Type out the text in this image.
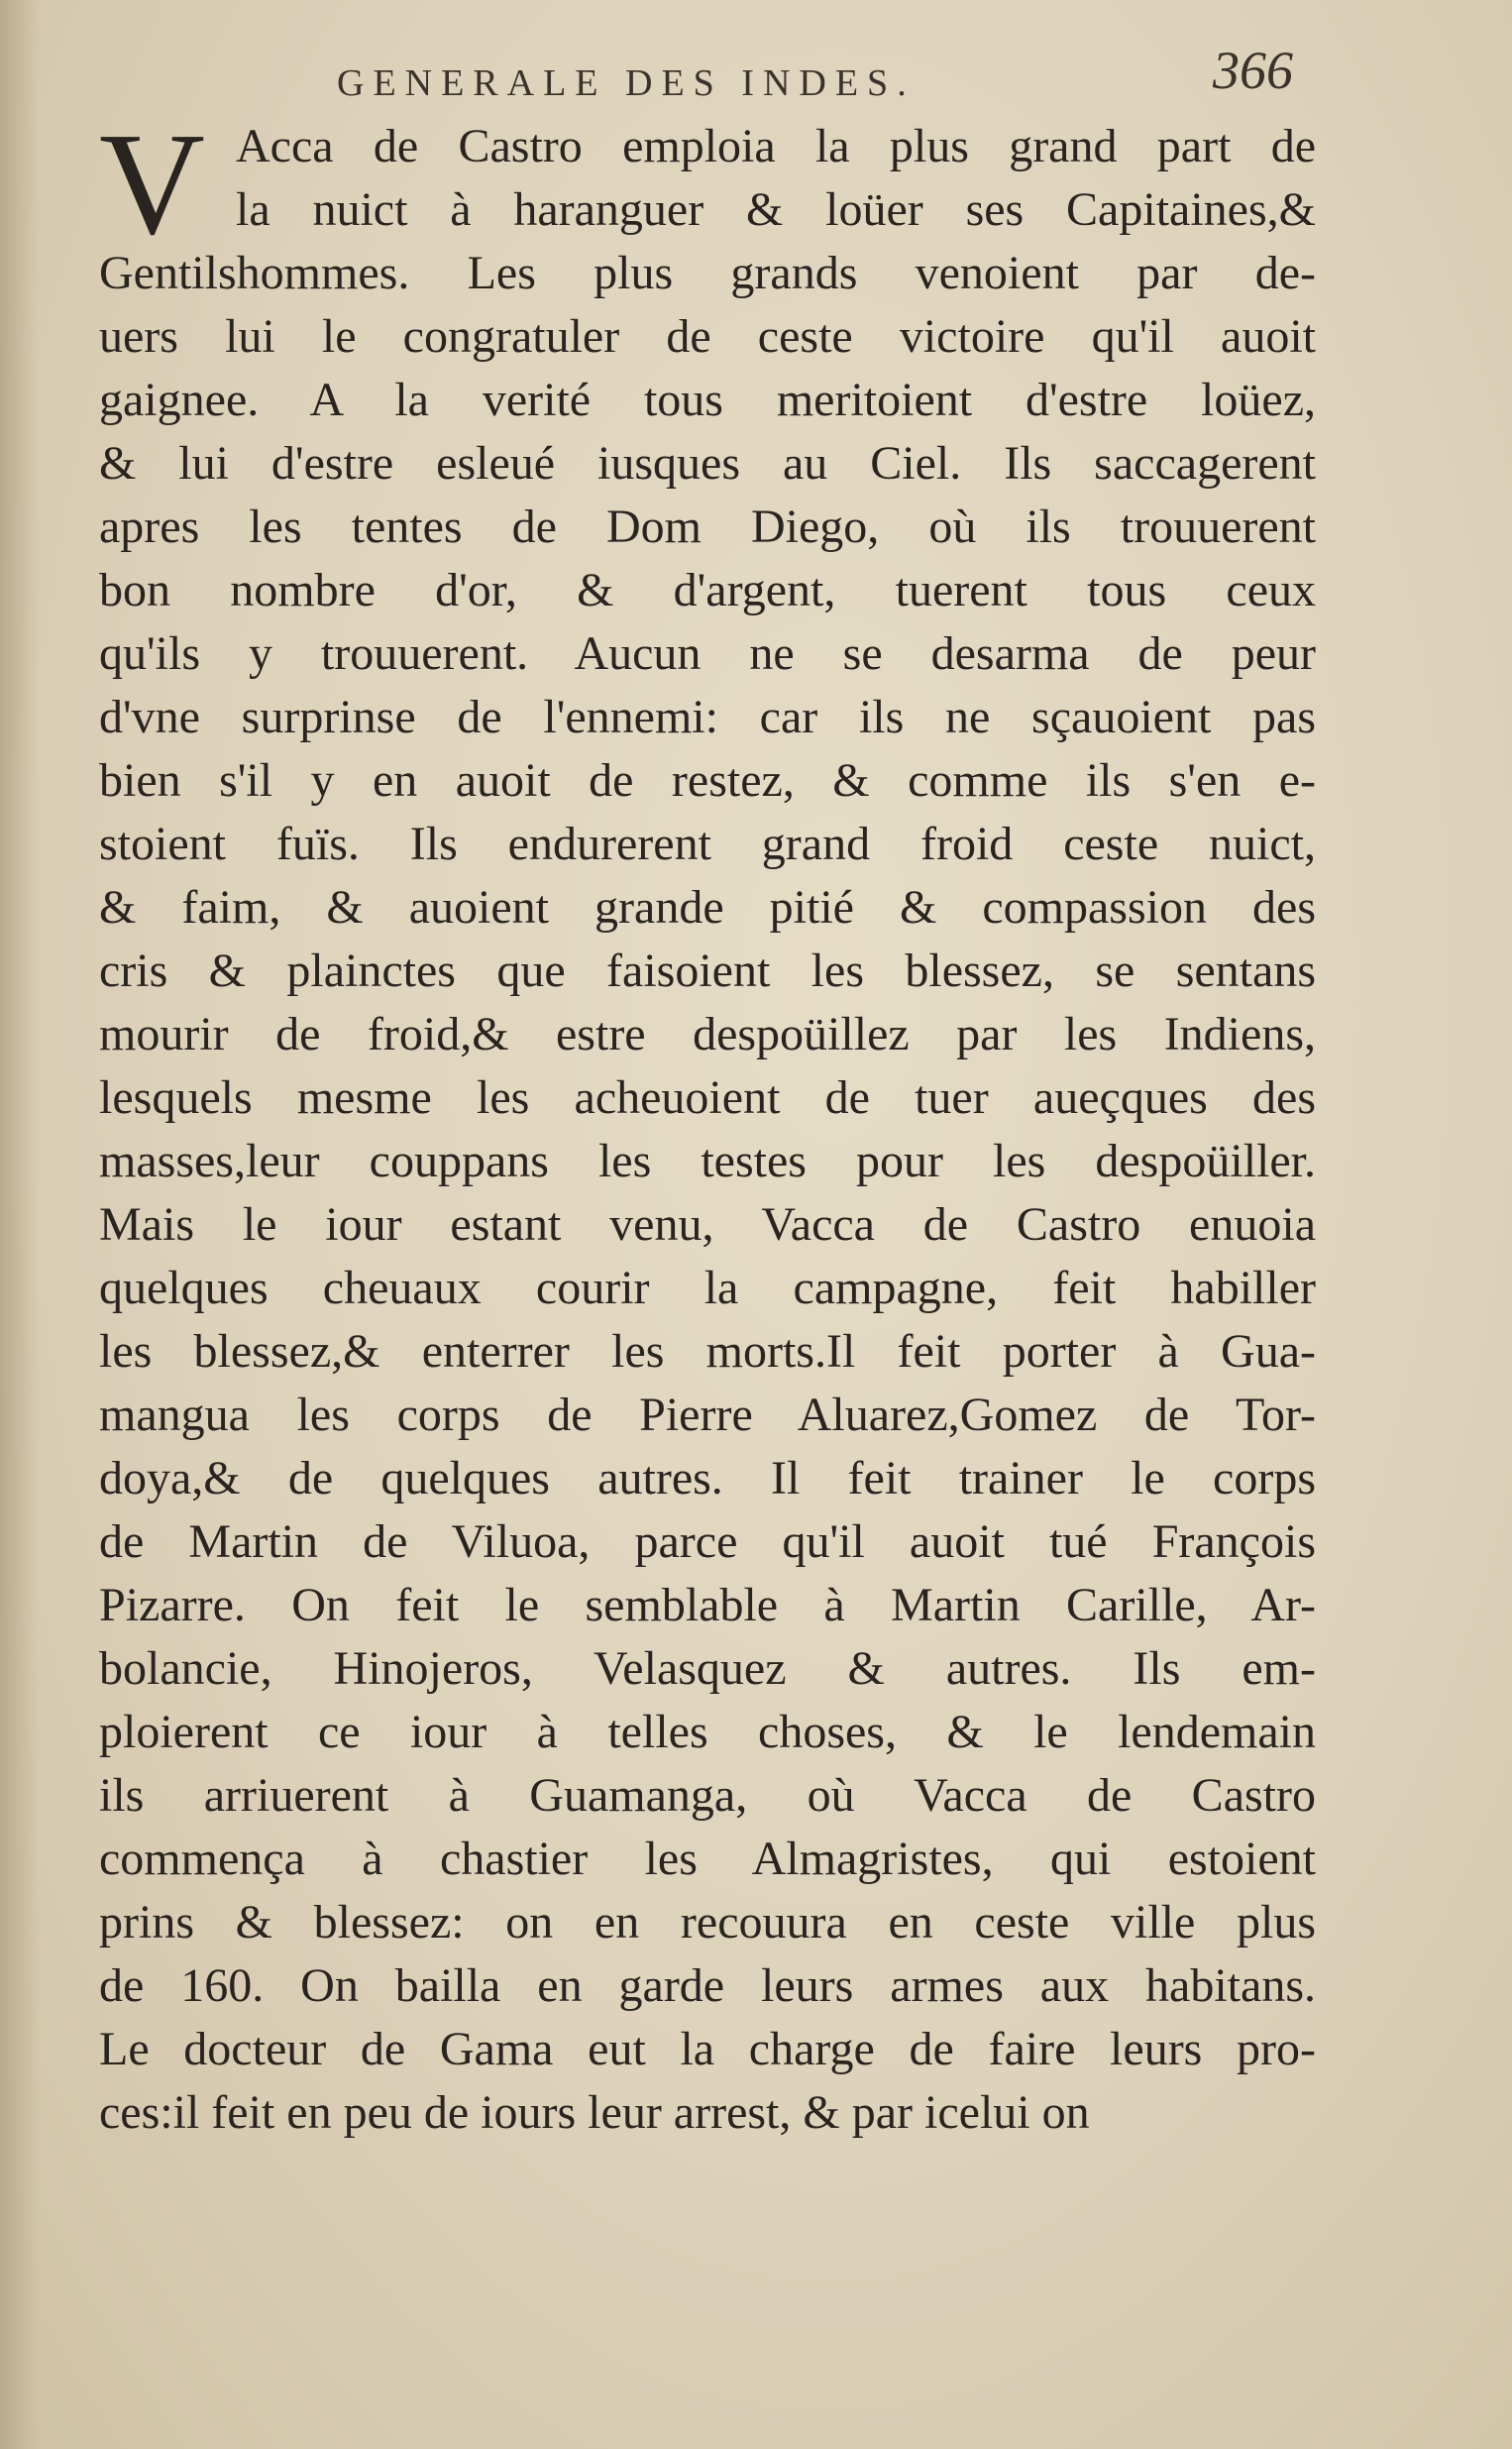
GENERALE DES INDES.	366
V Acca de Castro emploia la plus grand part de
la nuict à haranguer & loüer ses Capitaines,&
Gentilshommes. Les plus grands venoient par de-
uers lui le congratuler de ceste victoire qu'il auoit
gaignee. A la verité tous meritoient d'estre loüez,
& lui d'estre esleué iusques au Ciel. Ils saccagerent
apres les tentes de Dom Diego, où ils trouuerent
bon nombre d'or, & d'argent, tuerent tous ceux
qu'ils y trouuerent. Aucun ne se desarma de peur
d'vne surprinse de l'ennemi: car ils ne sçauoient pas
bien s'il y en auoit de restez, & comme ils s'en e-
stoient fuïs. Ils endurerent grand froid ceste nuict,
& faim, & auoient grande pitié & compassion des
cris & plainctes que faisoient les blessez, se sentans
mourir de froid,& estre despoüillez par les Indiens,
lesquels mesme les acheuoient de tuer aueçques des
masses,leur couppans les testes pour les despoüiller.
Mais le iour estant venu, Vacca de Castro enuoia
quelques cheuaux courir la campagne, feit habiller
les blessez,& enterrer les morts.Il feit porter à Gua-
mangua les corps de Pierre Aluarez,Gomez de Tor-
doya,& de quelques autres. Il feit trainer le corps
de Martin de Viluoa, parce qu'il auoit tué François
Pizarre. On feit le semblable à Martin Carille, Ar-
bolancie, Hinojeros, Velasquez & autres. Ils em-
ploierent ce iour à telles choses, & le lendemain
ils arriuerent à Guamanga, où Vacca de Castro
commença à chastier les Almagristes, qui estoient
prins & blessez: on en recouura en ceste ville plus
de 160. On bailla en garde leurs armes aux habitans.
Le docteur de Gama eut la charge de faire leurs pro-
ces:il feit en peu de iours leur arrest, & par icelui on
